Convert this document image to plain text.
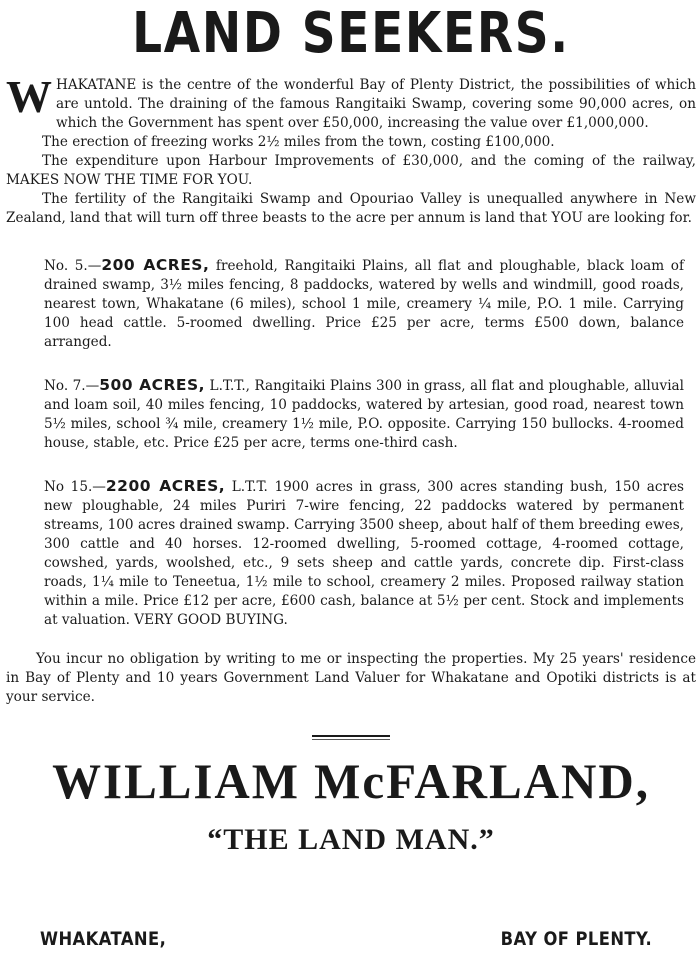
LAND SEEKERS.

WHAKATANE is the centre of the wonderful Bay of Plenty District, the possibilities of which are untold. The draining of the famous Rangitaiki Swamp, covering some 90,000 acres, on which the Government has spent over £50,000, increasing the value over £1,000,000.

The erection of freezing works 2½ miles from the town, costing £100,000.

The expenditure upon Harbour Improvements of £30,000, and the coming of the railway, MAKES NOW THE TIME FOR YOU.

The fertility of the Rangitaiki Swamp and Opouriao Valley is unequalled anywhere in New Zealand, land that will turn off three beasts to the acre per annum is land that YOU are looking for.

No. 5.—200 ACRES, freehold, Rangitaiki Plains, all flat and ploughable, black loam of drained swamp, 3½ miles fencing, 8 paddocks, watered by wells and windmill, good roads, nearest town, Whakatane (6 miles), school 1 mile, creamery ¼ mile, P.O. 1 mile. Carrying 100 head cattle. 5-roomed dwelling. Price £25 per acre, terms £500 down, balance arranged.

No. 7.—500 ACRES, L.T.T., Rangitaiki Plains 300 in grass, all flat and ploughable, alluvial and loam soil, 40 miles fencing, 10 paddocks, watered by artesian, good road, nearest town 5½ miles, school ¾ mile, creamery 1½ mile, P.O. opposite. Carrying 150 bullocks. 4-roomed house, stable, etc. Price £25 per acre, terms one-third cash.

No 15.—2200 ACRES, L.T.T. 1900 acres in grass, 300 acres standing bush, 150 acres new ploughable, 24 miles Puriri 7-wire fencing, 22 paddocks watered by permanent streams, 100 acres drained swamp. Carrying 3500 sheep, about half of them breeding ewes, 300 cattle and 40 horses. 12-roomed dwelling, 5-roomed cottage, 4-roomed cottage, cowshed, yards, woolshed, etc., 9 sets sheep and cattle yards, concrete dip. First-class roads, 1¼ mile to Teneetua, 1½ mile to school, creamery 2 miles. Proposed railway station within a mile. Price £12 per acre, £600 cash, balance at 5½ per cent. Stock and implements at valuation. VERY GOOD BUYING.

You incur no obligation by writing to me or inspecting the properties. My 25 years' residence in Bay of Plenty and 10 years Government Land Valuer for Whakatane and Opotiki districts is at your service.

WILLIAM McFARLAND,
“THE LAND MAN.”
WHAKATANE,	BAY OF PLENTY.
